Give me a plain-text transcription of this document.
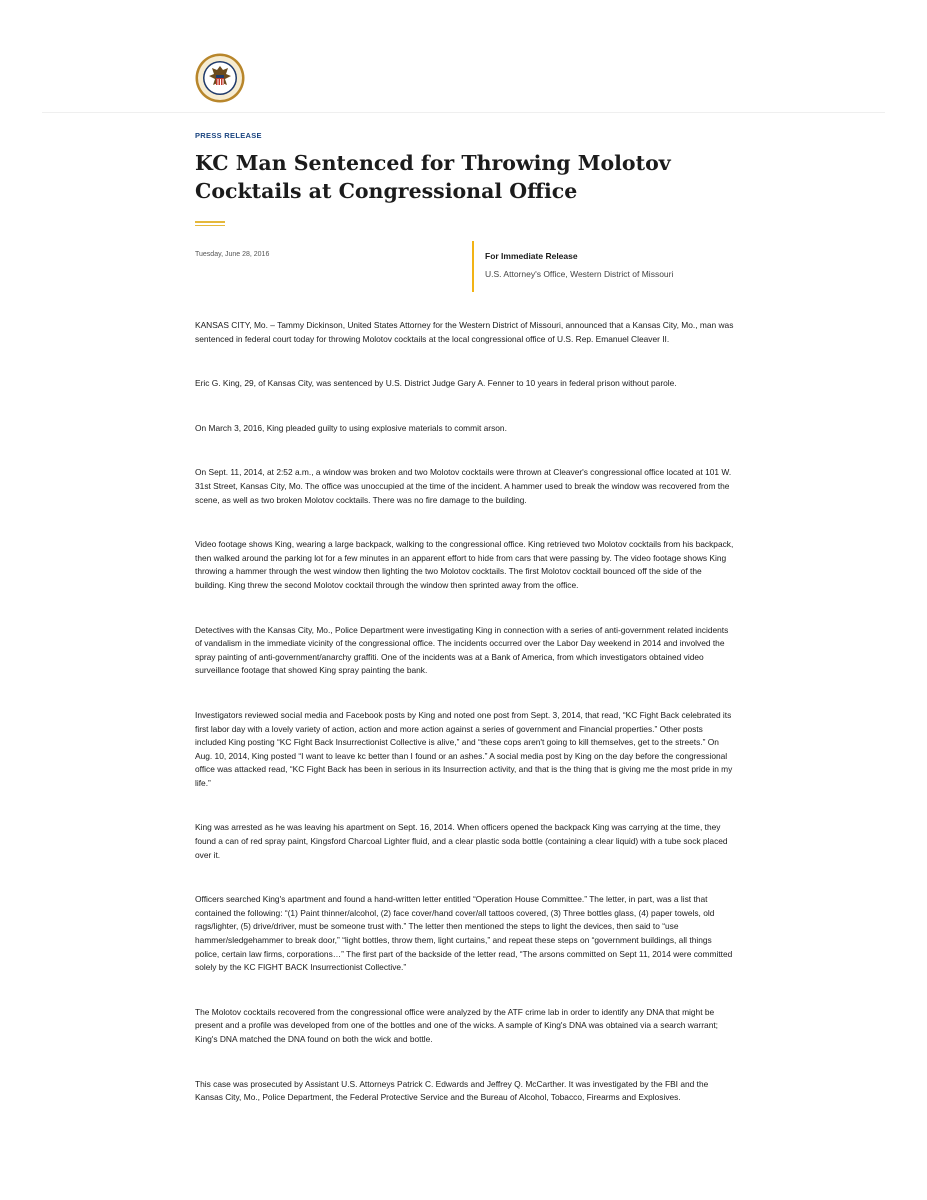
PRESS RELEASE
KC Man Sentenced for Throwing Molotov Cocktails at Congressional Office
Tuesday, June 28, 2016	For Immediate Release
U.S. Attorney's Office, Western District of Missouri

KANSAS CITY, Mo. – Tammy Dickinson, United States Attorney for the Western District of Missouri, announced that a Kansas City, Mo., man was sentenced in federal court today for throwing Molotov cocktails at the local congressional office of U.S. Rep. Emanuel Cleaver II.

Eric G. King, 29, of Kansas City, was sentenced by U.S. District Judge Gary A. Fenner to 10 years in federal prison without parole.

On March 3, 2016, King pleaded guilty to using explosive materials to commit arson.

On Sept. 11, 2014, at 2:52 a.m., a window was broken and two Molotov cocktails were thrown at Cleaver's congressional office located at 101 W. 31st Street, Kansas City, Mo. The office was unoccupied at the time of the incident. A hammer used to break the window was recovered from the scene, as well as two broken Molotov cocktails. There was no fire damage to the building.

Video footage shows King, wearing a large backpack, walking to the congressional office. King retrieved two Molotov cocktails from his backpack, then walked around the parking lot for a few minutes in an apparent effort to hide from cars that were passing by. The video footage shows King throwing a hammer through the west window then lighting the two Molotov cocktails. The first Molotov cocktail bounced off the side of the building. King threw the second Molotov cocktail through the window then sprinted away from the office.

Detectives with the Kansas City, Mo., Police Department were investigating King in connection with a series of anti-government related incidents of vandalism in the immediate vicinity of the congressional office. The incidents occurred over the Labor Day weekend in 2014 and involved the spray painting of anti-government/anarchy graffiti. One of the incidents was at a Bank of America, from which investigators obtained video surveillance footage that showed King spray painting the bank.

Investigators reviewed social media and Facebook posts by King and noted one post from Sept. 3, 2014, that read, “KC Fight Back celebrated its first labor day with a lovely variety of action, action and more action against a series of government and Financial properties.” Other posts included King posting “KC Fight Back Insurrectionist Collective is alive,” and “these cops aren't going to kill themselves, get to the streets.” On Aug. 10, 2014, King posted “I want to leave kc better than I found or an ashes.” A social media post by King on the day before the congressional office was attacked read, “KC Fight Back has been in serious in its Insurrection activity, and that is the thing that is giving me the most pride in my life.”

King was arrested as he was leaving his apartment on Sept. 16, 2014. When officers opened the backpack King was carrying at the time, they found a can of red spray paint, Kingsford Charcoal Lighter fluid, and a clear plastic soda bottle (containing a clear liquid) with a tube sock placed over it.

Officers searched King's apartment and found a hand-written letter entitled “Operation House Committee.” The letter, in part, was a list that contained the following: “(1) Paint thinner/alcohol, (2) face cover/hand cover/all tattoos covered, (3) Three bottles glass, (4) paper towels, old rags/lighter, (5) drive/driver, must be someone trust with.” The letter then mentioned the steps to light the devices, then said to “use hammer/sledgehammer to break door,” “light bottles, throw them, light curtains,” and repeat these steps on “government buildings, all things police, certain law firms, corporations…” The first part of the backside of the letter read, “The arsons committed on Sept 11, 2014 were committed solely by the KC FIGHT BACK Insurrectionist Collective.”

The Molotov cocktails recovered from the congressional office were analyzed by the ATF crime lab in order to identify any DNA that might be present and a profile was developed from one of the bottles and one of the wicks. A sample of King's DNA was obtained via a search warrant; King's DNA matched the DNA found on both the wick and bottle.

This case was prosecuted by Assistant U.S. Attorneys Patrick C. Edwards and Jeffrey Q. McCarther. It was investigated by the FBI and the Kansas City, Mo., Police Department, the Federal Protective Service and the Bureau of Alcohol, Tobacco, Firearms and Explosives.
